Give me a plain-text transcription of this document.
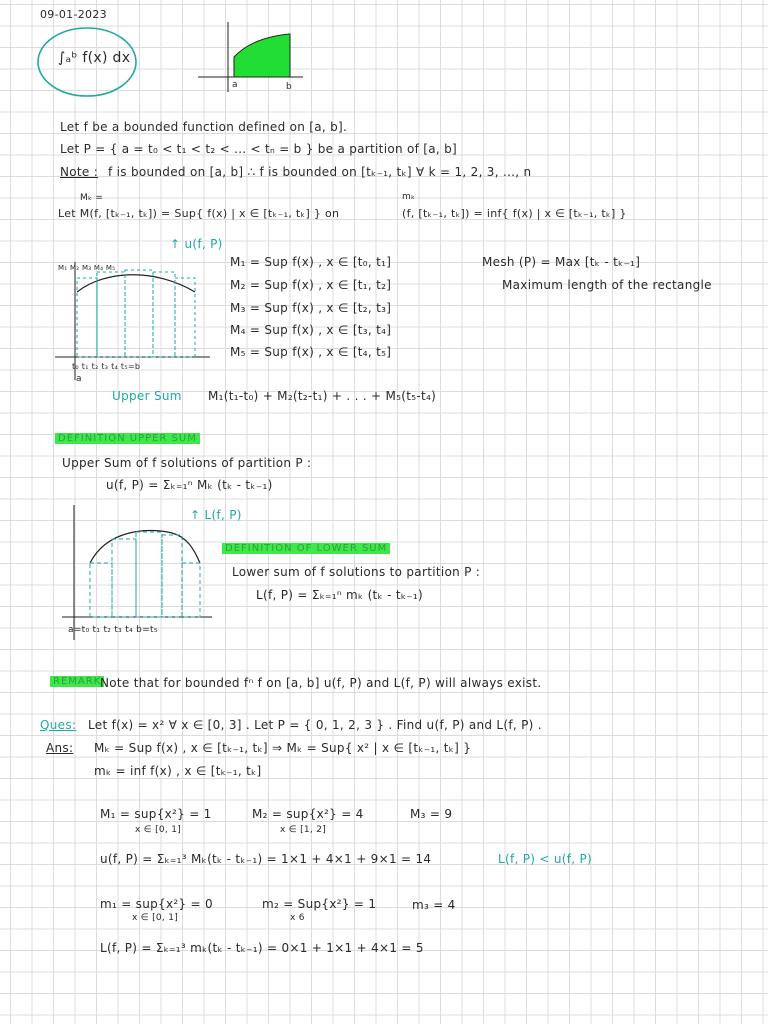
09-01-2023
∫ₐᵇ f(x) dx
a	b
Let f be a bounded function defined on [a, b].
Let P = { a = t₀ < t₁ < t₂ < ... < tₙ = b } be a partition of [a, b]
Note : f is bounded on [a, b] ∴ f is bounded on [tₖ₋₁, tₖ] ∀ k = 1, 2, 3, ..., n
Mₖ =	mₖ
Let M(f, [tₖ₋₁, tₖ]) = Sup{ f(x) | x ∈ [tₖ₋₁, tₖ] } on	(f, [tₖ₋₁, tₖ]) = inf{ f(x) | x ∈ [tₖ₋₁, tₖ] }
↑ u(f, P)
M₁ M₂ M₃ M₄ M₅
t₀ t₁ t₂ t₃ t₄ t₅=b
a
M₁ = Sup f(x) , x ∈ [t₀, t₁]
M₂ = Sup f(x) , x ∈ [t₁, t₂]
M₃ = Sup f(x) , x ∈ [t₂, t₃]
M₄ = Sup f(x) , x ∈ [t₃, t₄]
M₅ = Sup f(x) , x ∈ [t₄, t₅]
Mesh (P) = Max [tₖ - tₖ₋₁]
Maximum length of the rectangle
Upper Sum M₁(t₁-t₀) + M₂(t₂-t₁) + . . . + M₅(t₅-t₄)
DEFINITION UPPER SUM
Upper Sum of f solutions of partition P :
u(f, P) = Σₖ₌₁ⁿ Mₖ (tₖ - tₖ₋₁)
↑ L(f, P)
a=t₀ t₁ t₂ t₃ t₄ b=t₅
DEFINITION OF LOWER SUM
Lower sum of f solutions to partition P :
L(f, P) = Σₖ₌₁ⁿ mₖ (tₖ - tₖ₋₁)
REMARK
Note that for bounded fⁿ f on [a, b] u(f, P) and L(f, P) will always exist.
Ques: Let f(x) = x² ∀ x ∈ [0, 3] . Let P = { 0, 1, 2, 3 } . Find u(f, P) and L(f, P) .
Ans: Mₖ = Sup f(x) , x ∈ [tₖ₋₁, tₖ] ⇒ Mₖ = Sup{ x² | x ∈ [tₖ₋₁, tₖ] }
mₖ = inf f(x) , x ∈ [tₖ₋₁, tₖ]
M₁ = sup{x²} = 1
x ∈ [0, 1]
M₂ = sup{x²} = 4
x ∈ [1, 2]
M₃ = 9
u(f, P) = Σₖ₌₁³ Mₖ(tₖ - tₖ₋₁) = 1×1 + 4×1 + 9×1 = 14	L(f, P) < u(f, P)
m₁ = sup{x²} = 0
x ∈ [0, 1]
m₂ = Sup{x²} = 1
x 6
m₃ = 4
L(f, P) = Σₖ₌₁³ mₖ(tₖ - tₖ₋₁) = 0×1 + 1×1 + 4×1 = 5
